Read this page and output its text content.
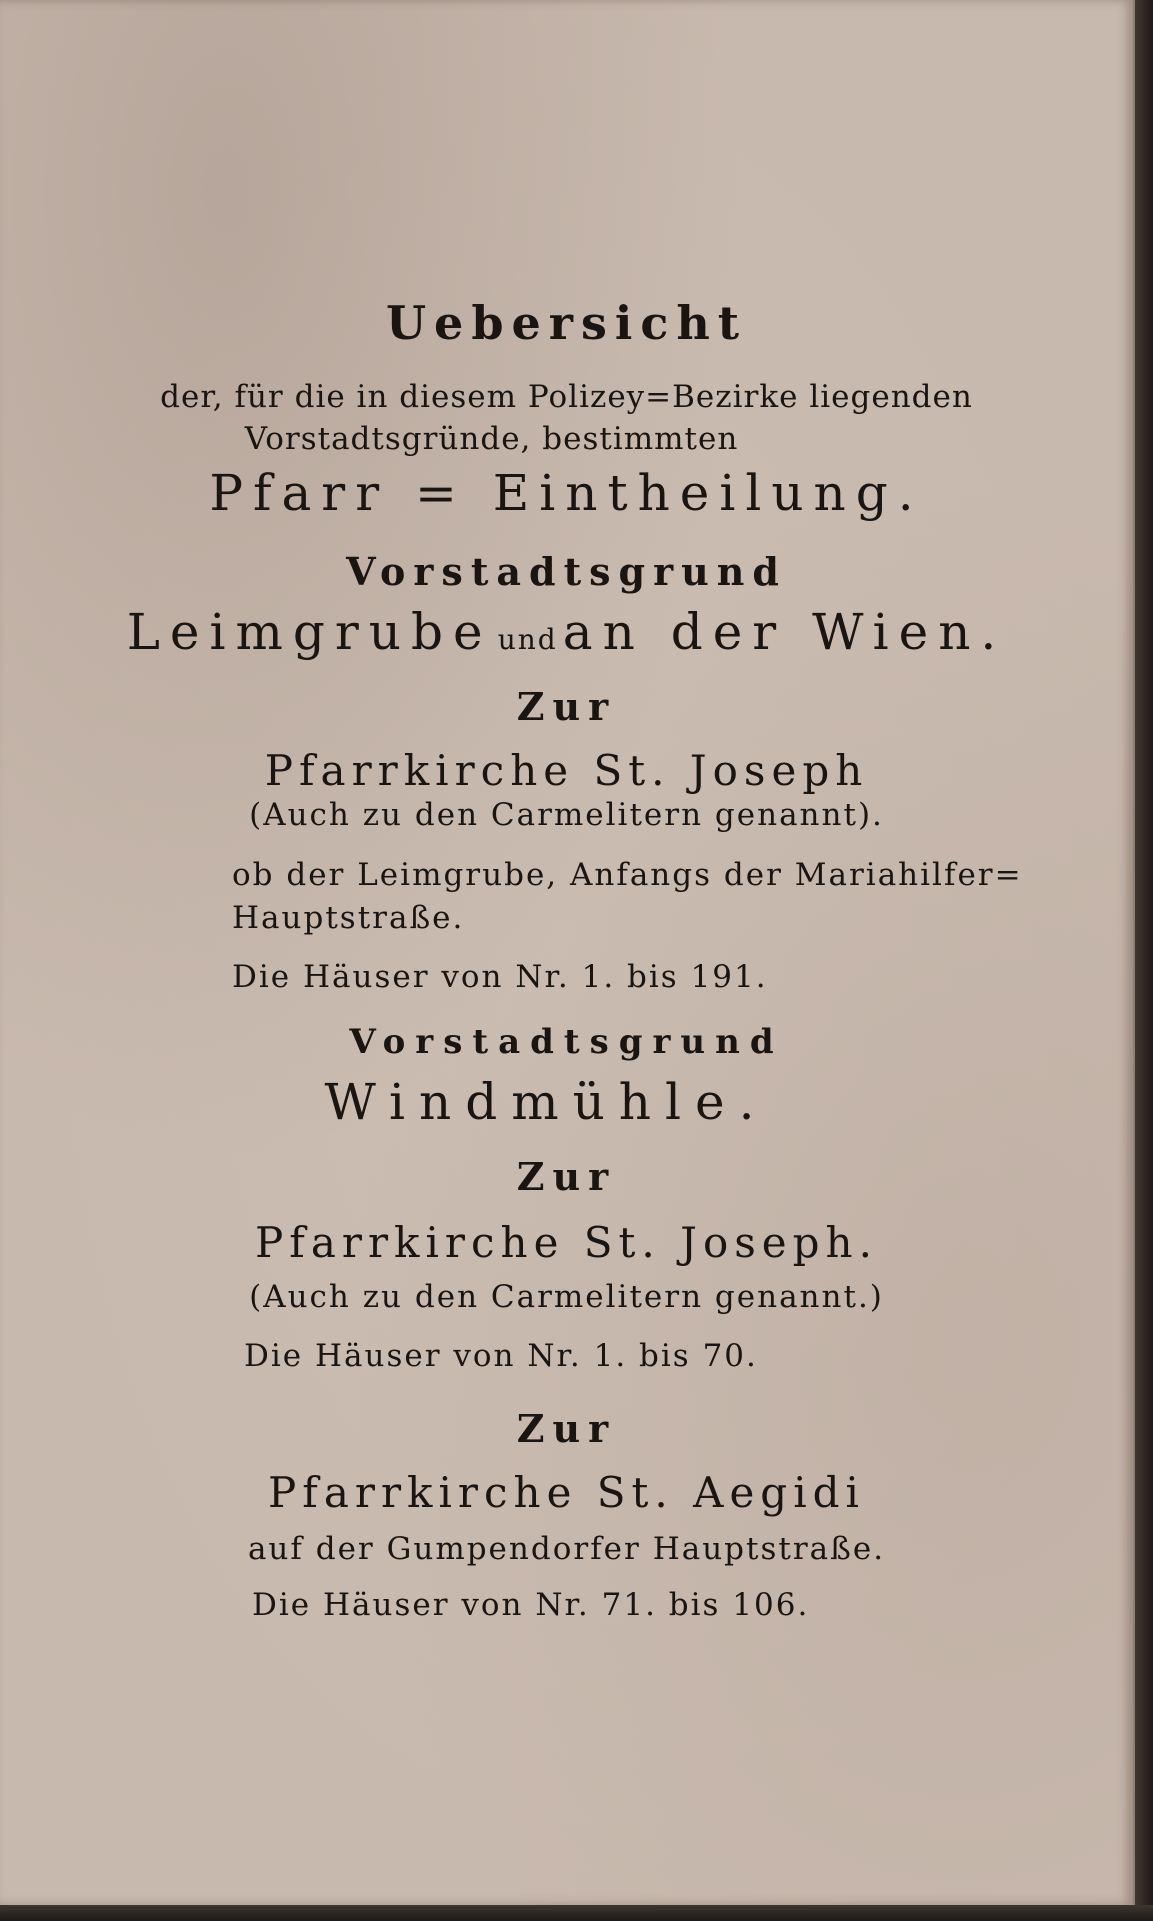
Uebersicht
der, für die in diesem Polizey=Bezirke liegenden
Vorstadtsgründe, bestimmten
Pfarr = Eintheilung.
Vorstadtsgrund
Leimgrube und an der Wien.
Zur
Pfarrkirche St. Joseph
(Auch zu den Carmelitern genannt).
ob der Leimgrube, Anfangs der Mariahilfer=
Hauptstraße.
Die Häuser von Nr. 1. bis 191.
Vorstadtsgrund
Windmühle.
Zur
Pfarrkirche St. Joseph.
(Auch zu den Carmelitern genannt.)
Die Häuser von Nr. 1. bis 70.
Zur
Pfarrkirche St. Aegidi
auf der Gumpendorfer Hauptstraße.
Die Häuser von Nr. 71. bis 106.
